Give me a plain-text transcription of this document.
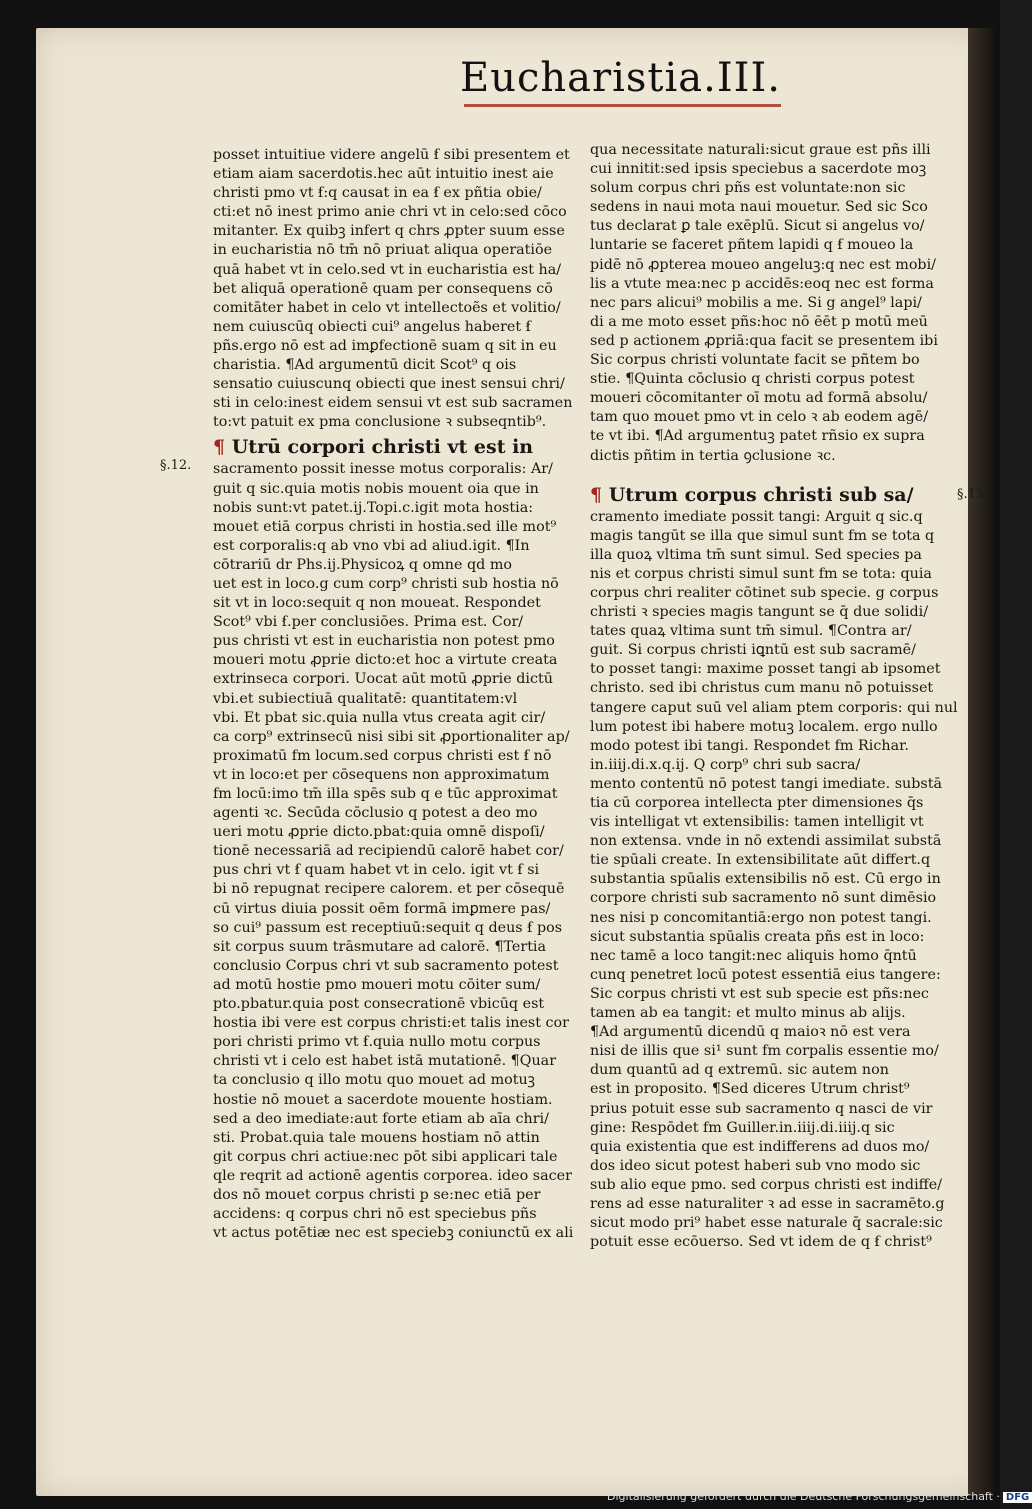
Eucharistia.III.
§.12.
§.13.

posset intuitiue videre angelū ẜ sibi presentem et

etiam aiam sacerdotis.hec aūt intuitio inest aie

christi pmo vt ẜ:q causat in ea ẜ ex pñtia obie/

cti:et nō inest primo anie chri vt in celo:sed cōco

mitanter. Ex quibꝫ infert q chrs ꝓpter suum esse

in eucharistia nō tm̄ nō priuat aliqua operatiōe

quā habet vt in celo.sed vt in eucharistia est ha/

bet aliquā operationē quam per consequens cō

comitāter habet in celo vt intellectoẽs et volitio/

nem cuiuscūq obiecti cui⁹ angelus haberet ẜ

pñs.ergo nō est ad imꝑfectionē suam q sit in eu

charistia. ¶Ad argumentū dicit Scot⁹ q ois

sensatio cuiuscunq obiecti que inest sensui chri/

sti in celo:inest eidem sensui vt est sub sacramen

to:vt patuit ex pma conclusione ꝛ subseqntib⁹.

¶ Utrū corpori christi vt est in

sacramento possit inesse motus corporalis: Ar/

guit q sic.quia motis nobis mouent oia que in

nobis sunt:vt patet.ij.Topi.c.igit mota hostia:

mouet etiā corpus christi in hostia.sed ille mot⁹

est corporalis:q ab vno vbi ad aliud.igit. ¶In

cōtrariū dr Phs.ij.Physicoꝝ q omne qd mo

uet est in loco.g cum corp⁹ christi sub hostia nō

sit vt in loco:sequit q non moueat. Respondet

Scot⁹ vbi ẜ.per conclusiōes. Prima est. Cor/

pus christi vt est in eucharistia non potest pmo

moueri motu ꝓprie dicto:et hoc a virtute creata

extrinseca corpori. Uocat aūt motū ꝓprie dictū

vbi.et subiectiuā qualitatē: quantitatem:vl

vbi. Et pbat sic.quia nulla vtus creata agit cir/

ca corp⁹ extrinsecū nisi sibi sit ꝓportionaliter ap/

proximatū fm locum.sed corpus christi est ẜ nō

vt in loco:et per cōsequens non approximatum

fm locū:imo tm̄ illa spēs sub q e tūc approximat

agenti ꝛc. Secūda cōclusio q potest a deo mo

ueri motu ꝓprie dicto.pbat:quia omnē dispoſi/

tionē necessariā ad recipiendū calorē habet cor/

pus chri vt ẜ quam habet vt in celo. igit vt ẜ si

bi nō repugnat recipere calorem. et per cōsequē

cū virtus diuia possit oēm formā imꝑmere pas/

so cui⁹ passum est receptiuū:sequit q deus ẜ pos

sit corpus suum trāsmutare ad calorē. ¶Tertia

conclusio Corpus chri vt sub sacramento potest

ad motū hostie pmo moueri motu cōiter sum/

pto.pbatur.quia post consecrationē vbicūq est

hostia ibi vere est corpus christi:et talis inest cor

pori christi primo vt ẜ.quia nullo motu corpus

christi vt i celo est habet istā mutationē. ¶Quar

ta conclusio q illo motu quo mouet ad motuꝫ

hostie nō mouet a sacerdote mouente hostiam.

sed a deo imediate:aut forte etiam ab aīa chri/

sti. Probat.quia tale mouens hostiam nō attin

git corpus chri actiue:nec pōt sibi applicari tale

qle reqrit ad actionē agentis corporea. ideo sacer

dos nō mouet corpus christi p se:nec etiā per

accidens: q corpus chri nō est speciebus pñs

vt actus potētiæ nec est speciebꝫ coniunctū ex ali

qua necessitate naturali:sicut graue est pñs illi

cui innitit:sed ipsis speciebus a sacerdote moꝫ

solum corpus chri pñs est voluntate:non sic

sedens in naui mota naui mouetur. Sed sic Sco

tus declarat ꝑ tale exēplū. Sicut si angelus vo/

luntarie se faceret pñtem lapidi q ẜ moueo la

pidē nō ꝓpterea moueo angeluꝫ:q nec est mobi/

lis a vtute mea:nec p accidēs:eoq nec est forma

nec pars alicui⁹ mobilis a me. Si g angel⁹ lapi/

di a me moto esset pñs:hoc nō ēēt p motū meū

sed p actionem ꝓpriā:qua facit se presentem ibi

Sic corpus christi voluntate facit se pñtem bo

stie. ¶Quinta cōclusio q christi corpus potest

moueri cōcomitanter oī motu ad formā absolu/

tam quo mouet pmo vt in celo ꝛ ab eodem agē/

te vt ibi. ¶Ad argumentuꝫ patet rñsio ex supra

dictis pñtim in tertia ꝯclusione ꝛc.

¶ Utrum corpus christi sub sa/

cramento imediate possit tangi: Arguit q sic.q

magis tangūt se illa que simul sunt fm se tota q

illa quoꝝ vltima tm̄ sunt simul. Sed species pa

nis et corpus christi simul sunt fm se tota: quia

corpus chri realiter cōtinet sub specie. g corpus

christi ꝛ species magis tangunt se q̄ due solidi/

tates quaꝝ vltima sunt tm̄ simul. ¶Contra ar/

guit. Si corpus christi iꝗntū est sub sacramē/

to posset tangi: maxime posset tangi ab ipsomet

christo. sed ibi christus cum manu nō potuisset

tangere caput suū vel aliam ptem corporis: qui nul

lum potest ibi habere motuꝫ localem. ergo nullo

modo potest ibi tangi. Respondet fm Richar.

in.iiij.di.x.q.ij. Q corp⁹ chri sub sacra/

mento contentū nō potest tangi imediate. substā

tia cū corporea intellecta pter dimensiones q̄s

vis intelligat vt extensibilis: tamen intelligit vt

non extensa. vnde in nō extendi assimilat substā

tie spūali create. In extensibilitate aūt differt.q

substantia spūalis extensibilis nō est. Cū ergo in

corpore christi sub sacramento nō sunt dimēsio

nes nisi p concomitantiā:ergo non potest tangi.

sicut substantia spūalis creata pñs est in loco:

nec tamē a loco tangit:nec aliquis homo q̄ntū

cunq penetret locū potest essentiā eius tangere:

Sic corpus christi vt est sub specie est pñs:nec

tamen ab ea tangit: et multo minus ab alijs.

¶Ad argumentū dicendū q maioꝛ nō est vera

nisi de illis que si¹ sunt fm corpalis essentie mo/

dum quantū ad q extremū. sic autem non

est in proposito. ¶Sed diceres Utrum christ⁹

prius potuit esse sub sacramento q nasci de vir

gine: Respōdet fm Guiller.in.iiij.di.iiij.q sic

quia existentia que est indifferens ad duos mo/

dos ideo sicut potest haberi sub vno modo sic

sub alio eque pmo. sed corpus christi est indiffe/

rens ad esse naturaliter ꝛ ad esse in sacramēto.g

sicut modo pri⁹ habet esse naturale q̄ sacrale:sic

potuit esse ecōuerso. Sed vt idem de q ẜ christ⁹

Digitalisierung gefördert durch die Deutsche Forschungsgemeinschaft · DFG
